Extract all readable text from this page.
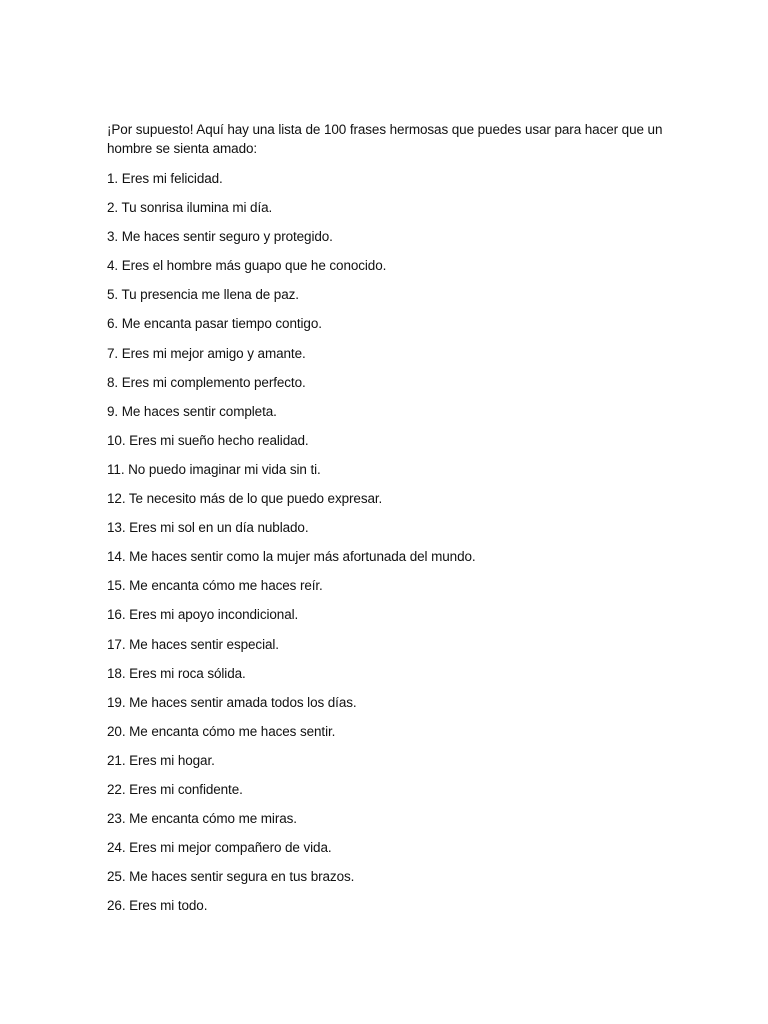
¡Por supuesto! Aquí hay una lista de 100 frases hermosas que puedes usar para hacer que un hombre se sienta amado:

1. Eres mi felicidad.
2. Tu sonrisa ilumina mi día.
3. Me haces sentir seguro y protegido.
4. Eres el hombre más guapo que he conocido.
5. Tu presencia me llena de paz.
6. Me encanta pasar tiempo contigo.
7. Eres mi mejor amigo y amante.
8. Eres mi complemento perfecto.
9. Me haces sentir completa.
10. Eres mi sueño hecho realidad.
11. No puedo imaginar mi vida sin ti.
12. Te necesito más de lo que puedo expresar.
13. Eres mi sol en un día nublado.
14. Me haces sentir como la mujer más afortunada del mundo.
15. Me encanta cómo me haces reír.
16. Eres mi apoyo incondicional.
17. Me haces sentir especial.
18. Eres mi roca sólida.
19. Me haces sentir amada todos los días.
20. Me encanta cómo me haces sentir.
21. Eres mi hogar.
22. Eres mi confidente.
23. Me encanta cómo me miras.
24. Eres mi mejor compañero de vida.
25. Me haces sentir segura en tus brazos.
26. Eres mi todo.
